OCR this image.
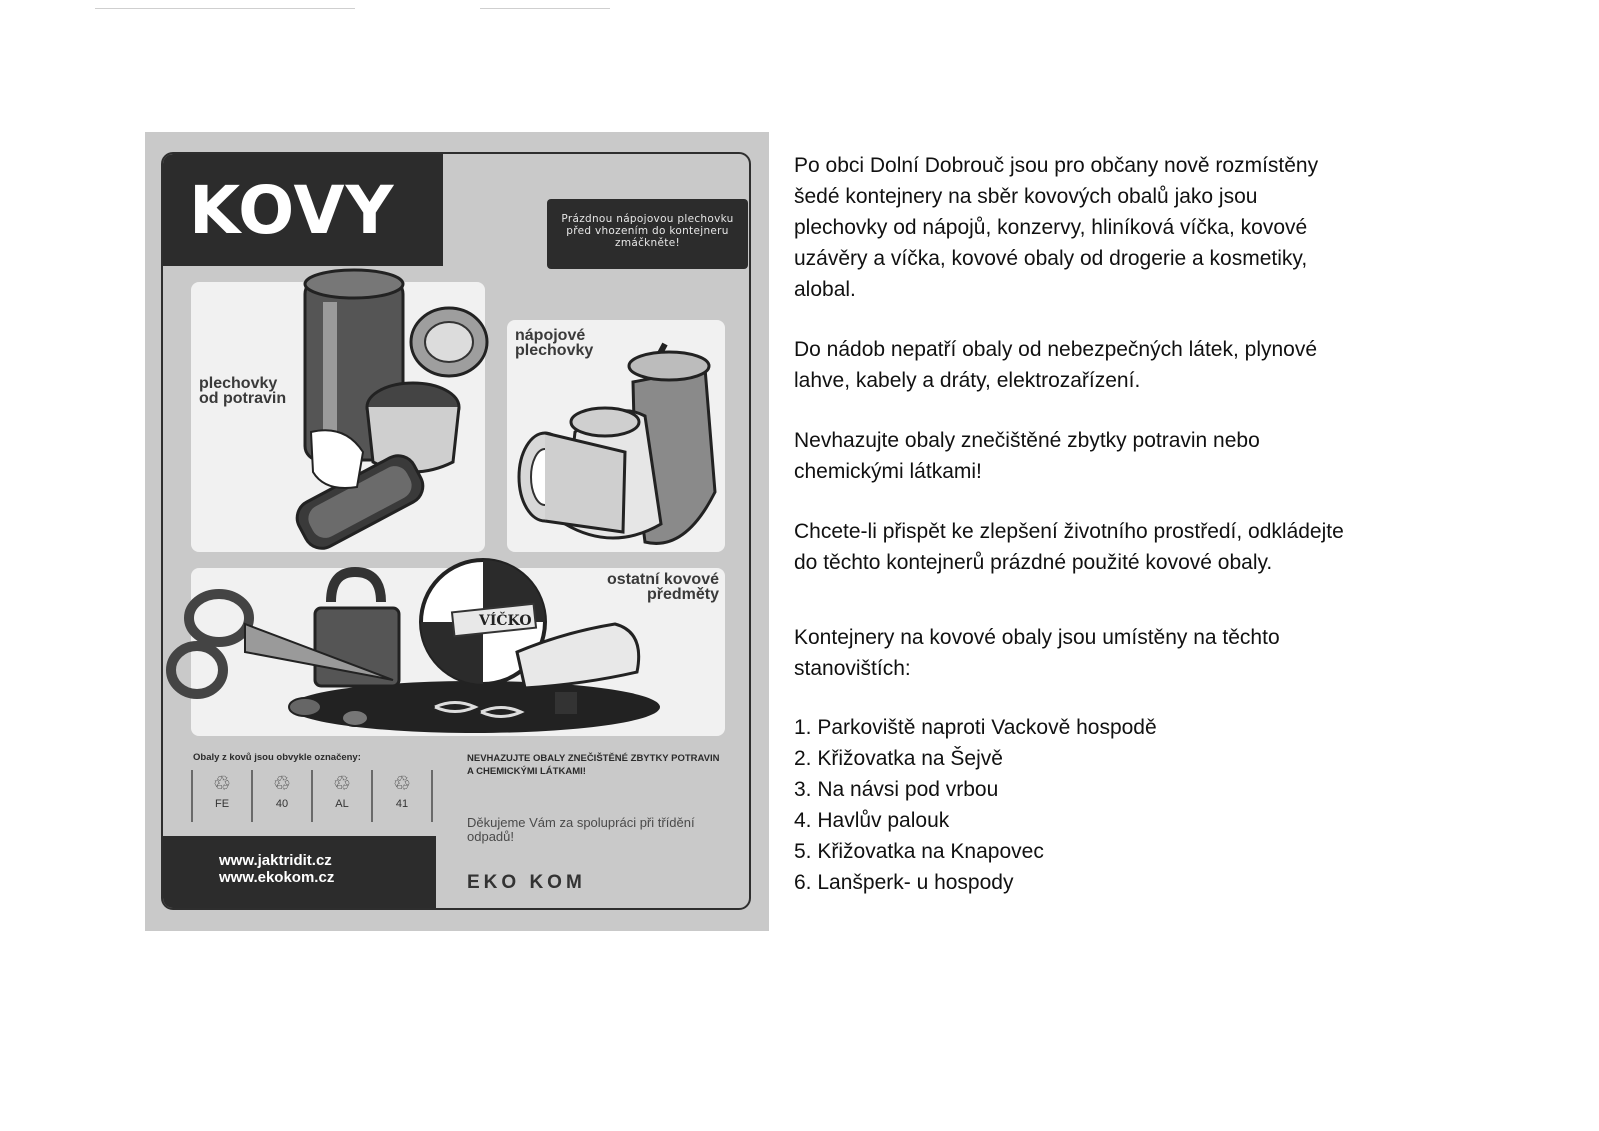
KOVY	Prázdnou nápojovou plechovku před vhozením do kontejneru zmáčkněte!

plechovky od potravin

nápojové plechovky

ostatní kovové předměty

VÍČKO

Obaly z kovů jsou obvykle označeny:

♲
FE
♲
40
♲
AL
♲
41

NEVHAZUJTE OBALY ZNEČIŠTĚNÉ ZBYTKY POTRAVIN A CHEMICKÝMI LÁTKAMI!

Děkujeme Vám za spolupráci při třídění odpadů!

www.jaktridit.cz
www.ekokom.cz	EKO KOM

Po obci Dolní Dobrouč jsou pro občany nově rozmístěny šedé kontejnery na sběr kovových obalů jako jsou plechovky od nápojů, konzervy, hliníková víčka, kovové uzávěry a víčka, kovové obaly od drogerie a kosmetiky, alobal.

Do nádob nepatří obaly od nebezpečných látek, plynové lahve, kabely a dráty, elektrozařízení.

Nevhazujte obaly znečištěné zbytky potravin nebo chemickými látkami!

Chcete-li přispět ke zlepšení životního prostředí, odkládejte do těchto kontejnerů prázdné použité kovové obaly.

Kontejnery na kovové obaly jsou umístěny na těchto stanovištích:

1. Parkoviště naproti Vackově hospodě
2. Křižovatka na Šejvě
3. Na návsi pod vrbou
4. Havlův palouk
5. Křižovatka na Knapovec
6. Lanšperk- u hospody
